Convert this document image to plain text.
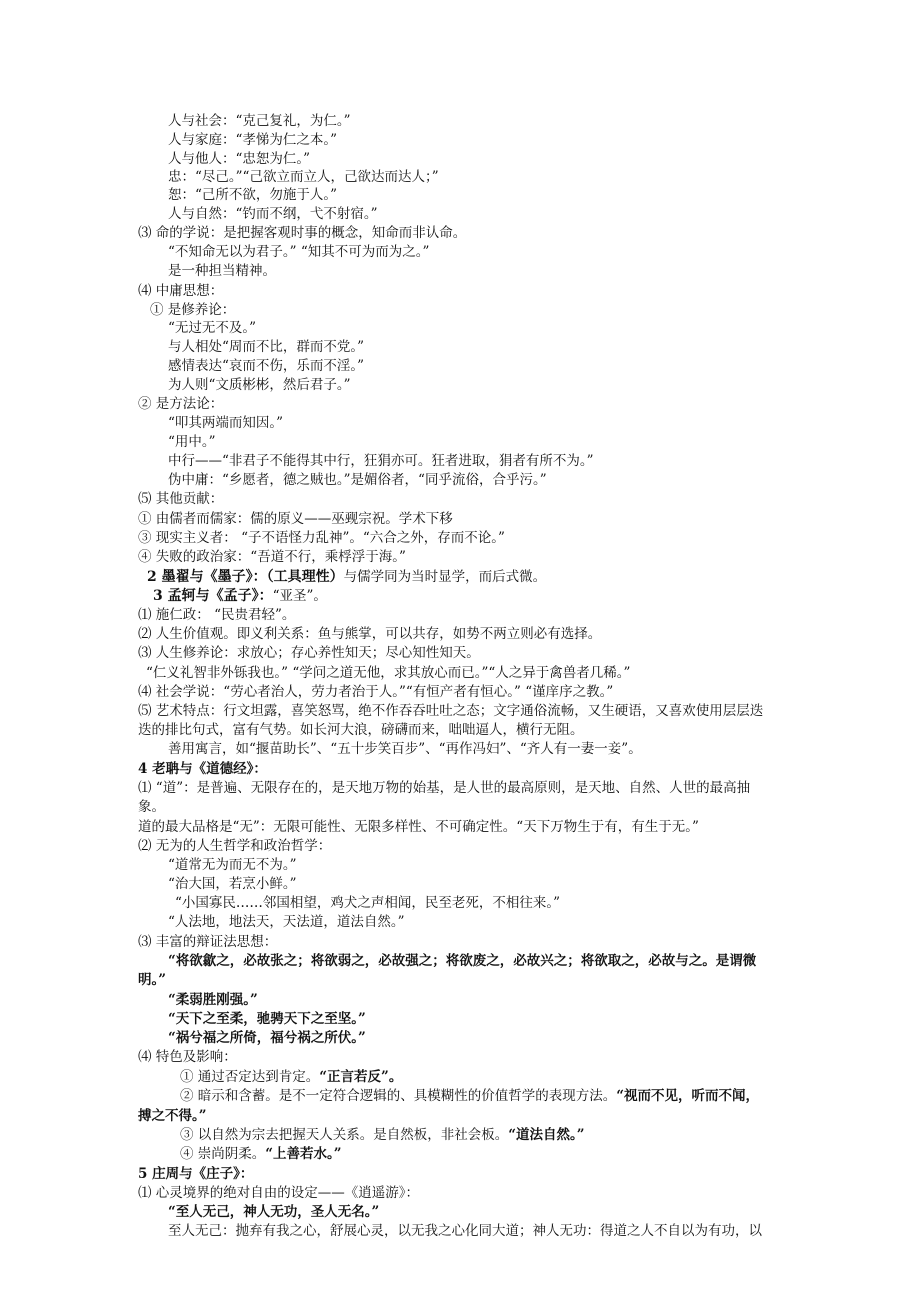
人与社会：“克己复礼，为仁。”
人与家庭：“孝悌为仁之本。”
人与他人：“忠恕为仁。”
忠：“尽己。”“己欲立而立人，己欲达而达人；”
恕：“己所不欲，勿施于人。”
人与自然：“钓而不纲，弋不射宿。”
⑶ 命的学说：是把握客观时事的概念，知命而非认命。
“不知命无以为君子。” “知其不可为而为之。”
是一种担当精神。
⑷ 中庸思想：
① 是修养论：
“无过无不及。”
与人相处“周而不比，群而不党。”
感情表达“哀而不伤，乐而不淫。”
为人则“文质彬彬，然后君子。”
② 是方法论：
“叩其两端而知因。”
“用中。”
中行——“非君子不能得其中行，狂狷亦可。狂者进取，狷者有所不为。”
伪中庸：“乡愿者，德之贼也。”是媚俗者，“同乎流俗，合乎污。”
⑸ 其他贡献：
① 由儒者而儒家：儒的原义——巫觋宗祝。学术下移
③ 现实主义者： “子不语怪力乱神”。“六合之外，存而不论。”
④ 失败的政治家：“吾道不行，乘桴浮于海。”
2 墨翟与《墨子》：（工具理性）与儒学同为当时显学，而后式微。
3 孟轲与《孟子》：“亚圣”。
⑴ 施仁政： “民贵君轻”。
⑵ 人生价值观。即义利关系：鱼与熊掌，可以共存，如势不两立则必有选择。
⑶ 人生修养论：求放心；存心养性知天；尽心知性知天。
“仁义礼智非外铄我也。” “学问之道无他，求其放心而已。”“人之异于禽兽者几稀。”
⑷ 社会学说：“劳心者治人，劳力者治于人。”“有恒产者有恒心。” “谨庠序之教。”
⑸ 艺术特点：行文坦露，喜笑怒骂，绝不作吞吞吐吐之态；文字通俗流畅，又生硬语，又喜欢使用层层迭
迭的排比句式，富有气势。如长河大浪，磅礴而来，咄咄逼人，横行无阻。
善用寓言，如“揠苗助长”、“五十步笑百步”、“再作冯妇”、“齐人有一妻一妾”。
4 老聃与《道德经》：
⑴ “道”：是普遍、无限存在的，是天地万物的始基，是人世的最高原则，是天地、自然、人世的最高抽
象。
道的最大品格是“无”：无限可能性、无限多样性、不可确定性。“天下万物生于有，有生于无。”
⑵ 无为的人生哲学和政治哲学：
“道常无为而无不为。”
“治大国，若烹小鲜。”
“小国寡民……邻国相望，鸡犬之声相闻，民至老死，不相往来。”
“人法地，地法天，天法道，道法自然。”
⑶ 丰富的辩证法思想：
“将欲歙之，必故张之；将欲弱之，必故强之；将欲废之，必故兴之；将欲取之，必故与之。是谓微
明。”
“柔弱胜刚强。”
“天下之至柔，驰骋天下之至坚。”
“祸兮福之所倚，福兮祸之所伏。”
⑷ 特色及影响：
① 通过否定达到肯定。“正言若反”。
② 暗示和含蓄。是不一定符合逻辑的、具模糊性的价值哲学的表现方法。“视而不见，听而不闻，
搏之不得。”
③ 以自然为宗去把握天人关系。是自然板，非社会板。“道法自然。”
④ 崇尚阴柔。“上善若水。”
5 庄周与《庄子》：
⑴ 心灵境界的绝对自由的设定——《逍遥游》：
“至人无己，神人无功，圣人无名。”
至人无己：抛弃有我之心，舒展心灵，以无我之心化同大道；神人无功：得道之人不自以为有功，以
